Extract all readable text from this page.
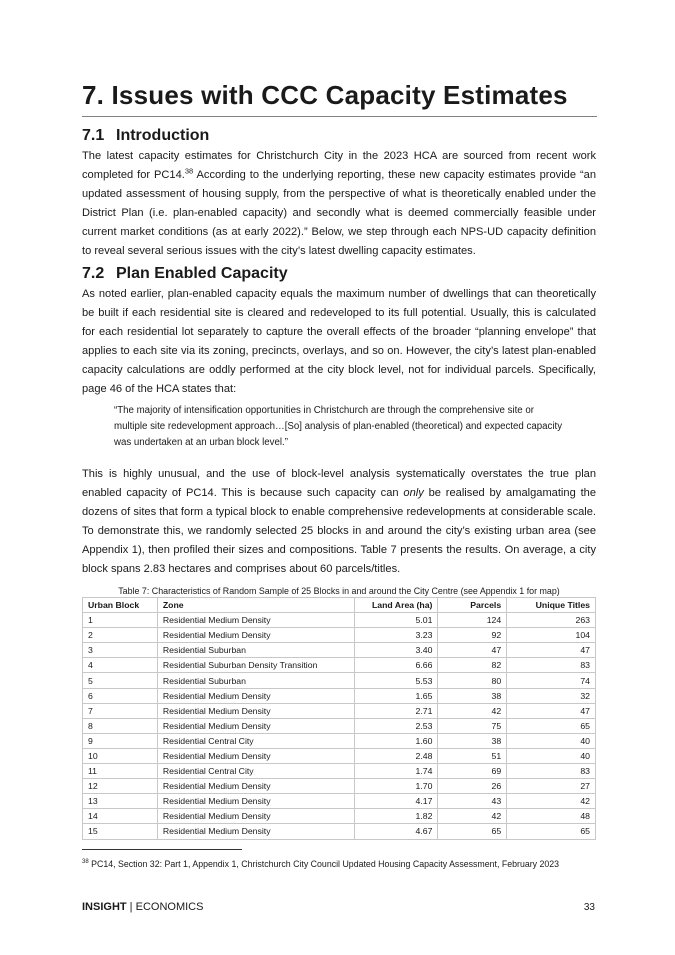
7. Issues with CCC Capacity Estimates
7.1 Introduction

The latest capacity estimates for Christchurch City in the 2023 HCA are sourced from recent work completed for PC14.38 According to the underlying reporting, these new capacity estimates provide “an updated assessment of housing supply, from the perspective of what is theoretically enabled under the District Plan (i.e. plan-enabled capacity) and secondly what is deemed commercially feasible under current market conditions (as at early 2022).” Below, we step through each NPS-UD capacity definition to reveal several serious issues with the city’s latest dwelling capacity estimates.

7.2 Plan Enabled Capacity

As noted earlier, plan-enabled capacity equals the maximum number of dwellings that can theoretically be built if each residential site is cleared and redeveloped to its full potential. Usually, this is calculated for each residential lot separately to capture the overall effects of the broader “planning envelope” that applies to each site via its zoning, precincts, overlays, and so on. However, the city’s latest plan-enabled capacity calculations are oddly performed at the city block level, not for individual parcels. Specifically, page 46 of the HCA states that:

“The majority of intensification opportunities in Christchurch are through the comprehensive site or multiple site redevelopment approach…[So] analysis of plan-enabled (theoretical) and expected capacity was undertaken at an urban block level.”

This is highly unusual, and the use of block-level analysis systematically overstates the true plan enabled capacity of PC14. This is because such capacity can only be realised by amalgamating the dozens of sites that form a typical block to enable comprehensive redevelopments at considerable scale. To demonstrate this, we randomly selected 25 blocks in and around the city’s existing urban area (see Appendix 1), then profiled their sizes and compositions. Table 7 presents the results. On average, a city block spans 2.83 hectares and comprises about 60 parcels/titles.

Table 7: Characteristics of Random Sample of 25 Blocks in and around the City Centre (see Appendix 1 for map)

Urban Block	Zone	Land Area (ha)	Parcels	Unique Titles
1	Residential Medium Density	5.01	124	263
2	Residential Medium Density	3.23	92	104
3	Residential Suburban	3.40	47	47
4	Residential Suburban Density Transition	6.66	82	83
5	Residential Suburban	5.53	80	74
6	Residential Medium Density	1.65	38	32
7	Residential Medium Density	2.71	42	47
8	Residential Medium Density	2.53	75	65
9	Residential Central City	1.60	38	40
10	Residential Medium Density	2.48	51	40
11	Residential Central City	1.74	69	83
12	Residential Medium Density	1.70	26	27
13	Residential Medium Density	4.17	43	42
14	Residential Medium Density	1.82	42	48
15	Residential Medium Density	4.67	65	65

$^{38}$ PC14, Section 32: Part 1, Appendix 1, Christchurch City Council Updated Housing Capacity Assessment, February 2023

INSIGHT | ECONOMICS	33
